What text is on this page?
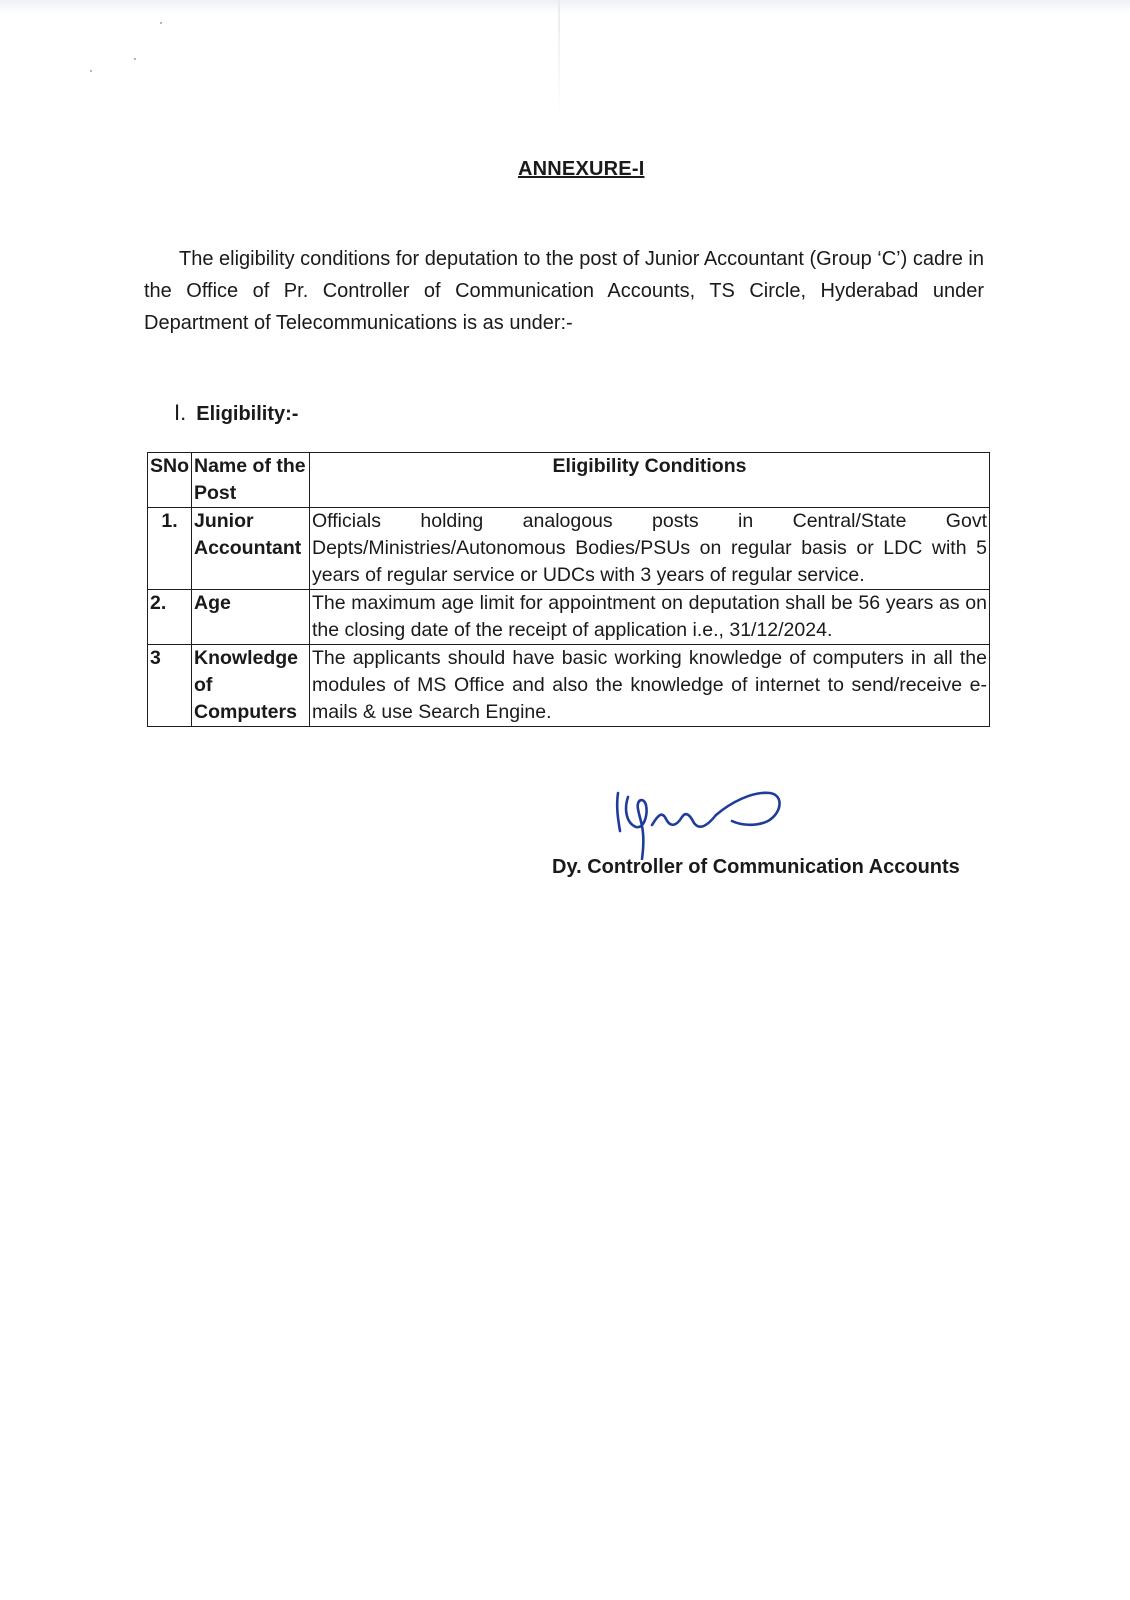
ANNEXURE-I

The eligibility conditions for deputation to the post of Junior Accountant (Group ‘C’) cadre in the Office of Pr. Controller of Communication Accounts, TS Circle, Hyderabad under Department of Telecommunications is as under:-

I. Eligibility:-
SNo	Name of the Post	Eligibility Conditions
1.	Junior Accountant	Officials holding analogous posts in Central/State Govt Depts/Ministries/Autonomous Bodies/PSUs on regular basis or LDC with 5 years of regular service or UDCs with 3 years of regular service.
2.	Age	The maximum age limit for appointment on deputation shall be 56 years as on the closing date of the receipt of application i.e., 31/12/2024.
3	Knowledge of Computers	The applicants should have basic working knowledge of computers in all the modules of MS Office and also the knowledge of internet to send/receive e-mails & use Search Engine.
Dy. Controller of Communication Accounts
